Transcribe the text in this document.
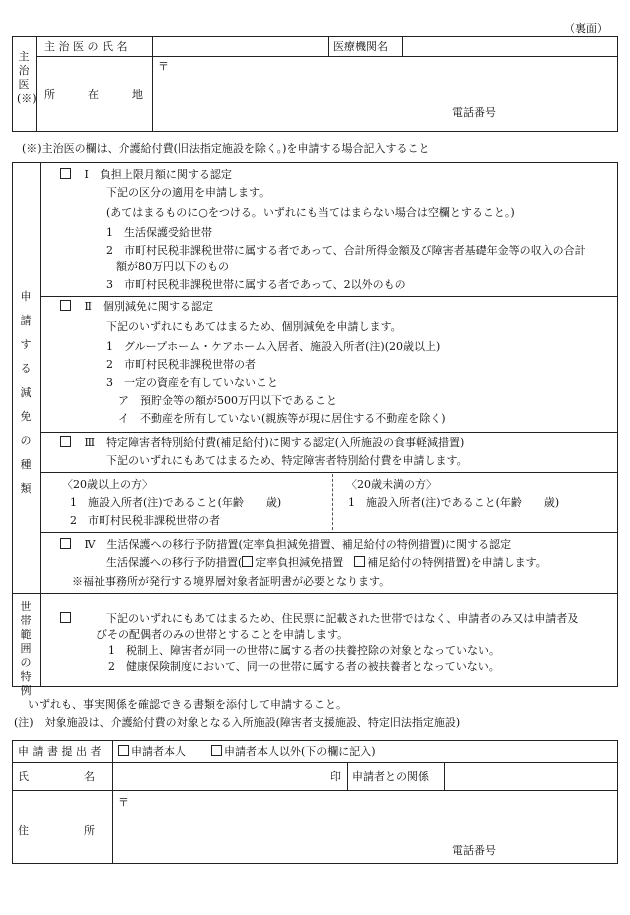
（裏面）
主治医(※)
主 治 医 の 氏 名	医療機関名
所　　　在　　　地
〒
電話番号
(※)主治医の欄は、介護給付費(旧法指定施設を除く。)を申請する場合記入すること
申請する減免の種類
Ⅰ　負担上限月額に関する認定
下記の区分の適用を申請します。
(あてはまるものに○をつける。いずれにも当てはまらない場合は空欄とすること。)
1　生活保護受給世帯
2　市町村民税非課税世帯に属する者であって、合計所得金額及び障害者基礎年金等の収入の合計
額が80万円以下のもの
3　市町村民税非課税世帯に属する者であって、2以外のもの
Ⅱ　個別減免に関する認定
下記のいずれにもあてはまるため、個別減免を申請します。
1　グループホーム・ケアホーム入居者、施設入所者(注)(20歳以上)
2　市町村民税非課税世帯の者
3　一定の資産を有していないこと
ア　預貯金等の額が500万円以下であること
イ　不動産を所有していない(親族等が現に居住する不動産を除く)
Ⅲ　特定障害者特別給付費(補足給付)に関する認定(入所施設の食事軽減措置)
下記のいずれにもあてはまるため、特定障害者特別給付費を申請します。
〈20歳以上の方〉
1　施設入所者(注)であること(年齢　　歳)
2　市町村民税非課税世帯の者
〈20歳未満の方〉
1　施設入所者(注)であること(年齢　　歳)
Ⅳ　生活保護への移行予防措置(定率負担減免措置、補足給付の特例措置)に関する認定
生活保護への移行予防措置( 定率負担減免措置　補足給付の特例措置)を申請します。
※福祉事務所が発行する境界層対象者証明書が必要となります。
世帯範囲の特例
下記のいずれにもあてはまるため、住民票に記載された世帯ではなく、申請者のみ又は申請者及
びその配偶者のみの世帯とすることを申請します。
1　税制上、障害者が同一の世帯に属する者の扶養控除の対象となっていない。
2　健康保険制度において、同一の世帯に属する者の被扶養者となっていない。
いずれも、事実関係を確認できる書類を添付して申請すること。
(注)　対象施設は、介護給付費の対象となる入所施設(障害者支援施設、特定旧法指定施設)
申 請 書 提 出 者	申請者本人	申請者本人以外(下の欄に記入)
氏　　　　　名	印 申請者との関係
住　　　　　所
〒
電話番号
